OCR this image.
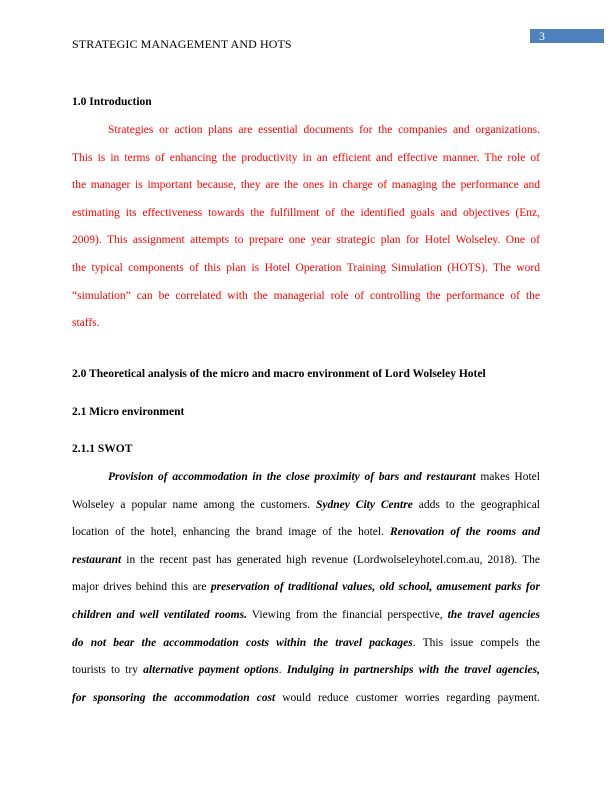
STRATEGIC MANAGEMENT AND HOTS
3
1.0 Introduction
Strategies or action plans are essential documents for the companies and organizations.
This is in terms of enhancing the productivity in an efficient and effective manner. The role of
the manager is important because, they are the ones in charge of managing the performance and
estimating its effectiveness towards the fulfillment of the identified goals and objectives (Enz,
2009). This assignment attempts to prepare one year strategic plan for Hotel Wolseley. One of
the typical components of this plan is Hotel Operation Training Simulation (HOTS). The word
“simulation” can be correlated with the managerial role of controlling the performance of the
staffs.
2.0 Theoretical analysis of the micro and macro environment of Lord Wolseley Hotel
2.1 Micro environment
2.1.1 SWOT
Provision of accommodation in the close proximity of bars and restaurant makes Hotel
Wolseley a popular name among the customers. Sydney City Centre adds to the geographical
location of the hotel, enhancing the brand image of the hotel. Renovation of the rooms and
restaurant in the recent past has generated high revenue (Lordwolseleyhotel.com.au, 2018). The
major drives behind this are preservation of traditional values, old school, amusement parks for
children and well ventilated rooms. Viewing from the financial perspective, the travel agencies
do not bear the accommodation costs within the travel packages. This issue compels the
tourists to try alternative payment options. Indulging in partnerships with the travel agencies,
for sponsoring the accommodation cost would reduce customer worries regarding payment.
